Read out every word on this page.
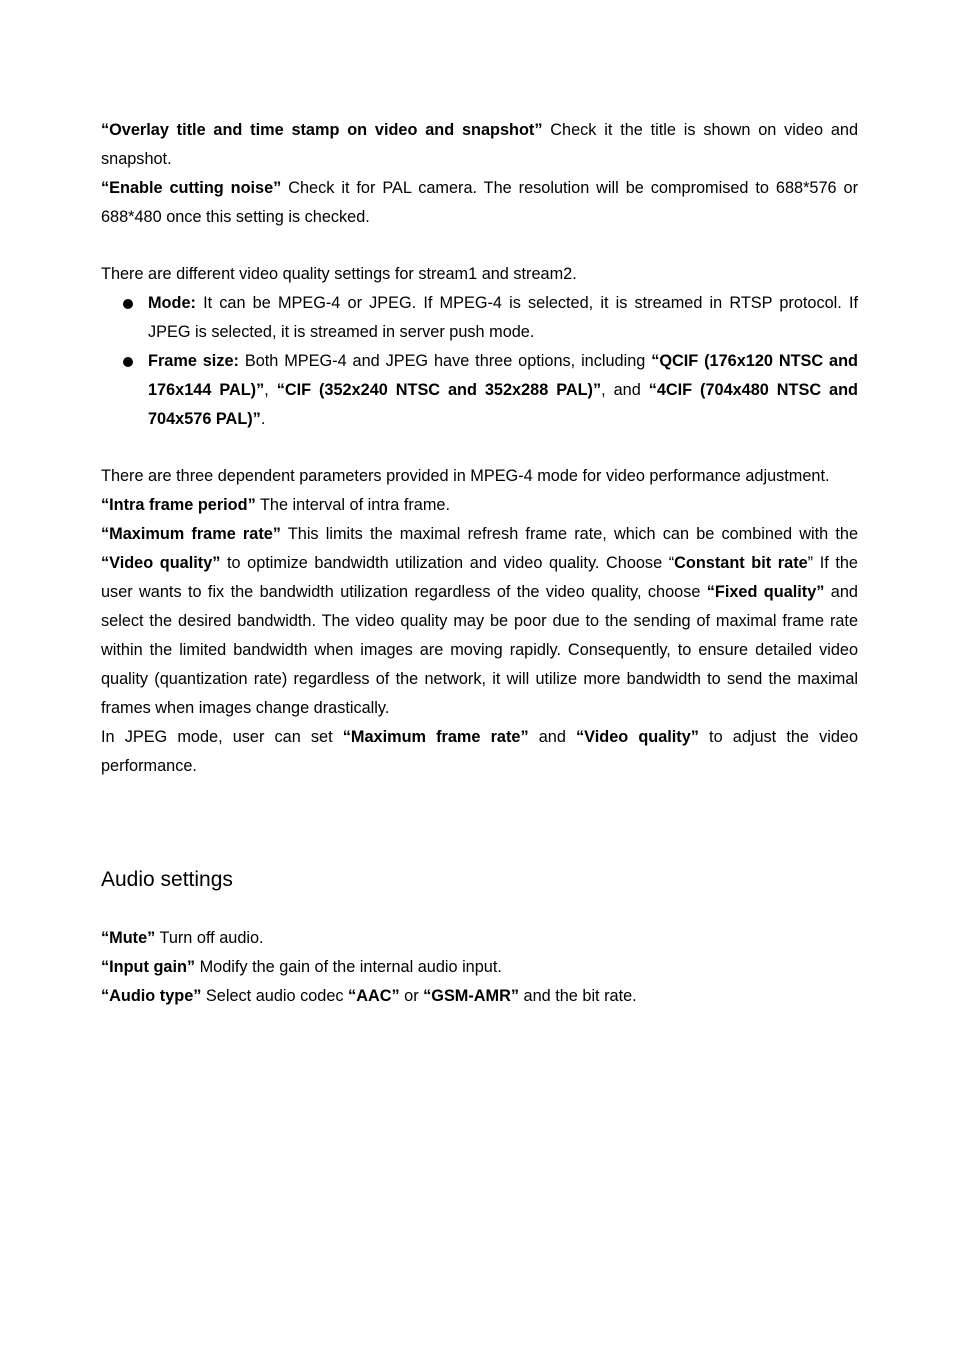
“Overlay title and time stamp on video and snapshot” Check it the title is shown on video and snapshot.

“Enable cutting noise” Check it for PAL camera. The resolution will be compromised to 688*576 or 688*480 once this setting is checked.

There are different video quality settings for stream1 and stream2.

Mode: It can be MPEG-4 or JPEG. If MPEG-4 is selected, it is streamed in RTSP protocol. If JPEG is selected, it is streamed in server push mode.
Frame size: Both MPEG-4 and JPEG have three options, including “QCIF (176x120 NTSC and 176x144 PAL)”, “CIF (352x240 NTSC and 352x288 PAL)”, and “4CIF (704x480 NTSC and 704x576 PAL)”.

There are three dependent parameters provided in MPEG-4 mode for video performance adjustment.

“Intra frame period” The interval of intra frame.

“Maximum frame rate” This limits the maximal refresh frame rate, which can be combined with the “Video quality” to optimize bandwidth utilization and video quality. Choose “Constant bit rate” If the user wants to fix the bandwidth utilization regardless of the video quality, choose “Fixed quality” and select the desired bandwidth. The video quality may be poor due to the sending of maximal frame rate within the limited bandwidth when images are moving rapidly. Consequently, to ensure detailed video quality (quantization rate) regardless of the network, it will utilize more bandwidth to send the maximal frames when images change drastically.

In JPEG mode, user can set “Maximum frame rate” and “Video quality” to adjust the video performance.

Audio settings

“Mute” Turn off audio.

“Input gain” Modify the gain of the internal audio input.

“Audio type” Select audio codec “AAC” or “GSM-AMR” and the bit rate.
